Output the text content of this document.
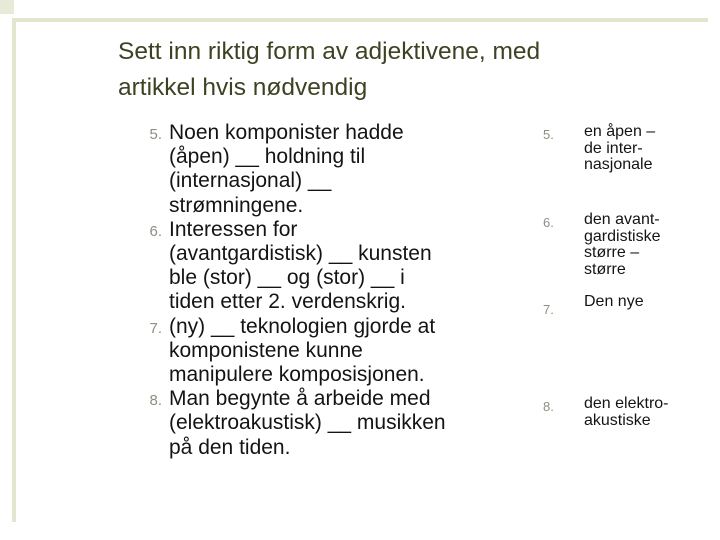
Sett inn riktig form av adjektivene, med
artikkel hvis nødvendig
5. Noen komponister hadde
(åpen) __ holdning til
(internasjonal) __
strømningene.
6. Interessen for
(avantgardistisk) __ kunsten
ble (stor) __ og (stor) __ i
tiden etter 2. verdenskrig.
7. (ny) __ teknologien gjorde at
komponistene kunne
manipulere komposisjonen.
8. Man begynte å arbeide med
(elektroakustisk) __ musikken
på den tiden.
5. en åpen –
de inter-
nasjonale
6. den avant-
gardistiske
større –
større
7. Den nye
8. den elektro-
akustiske
